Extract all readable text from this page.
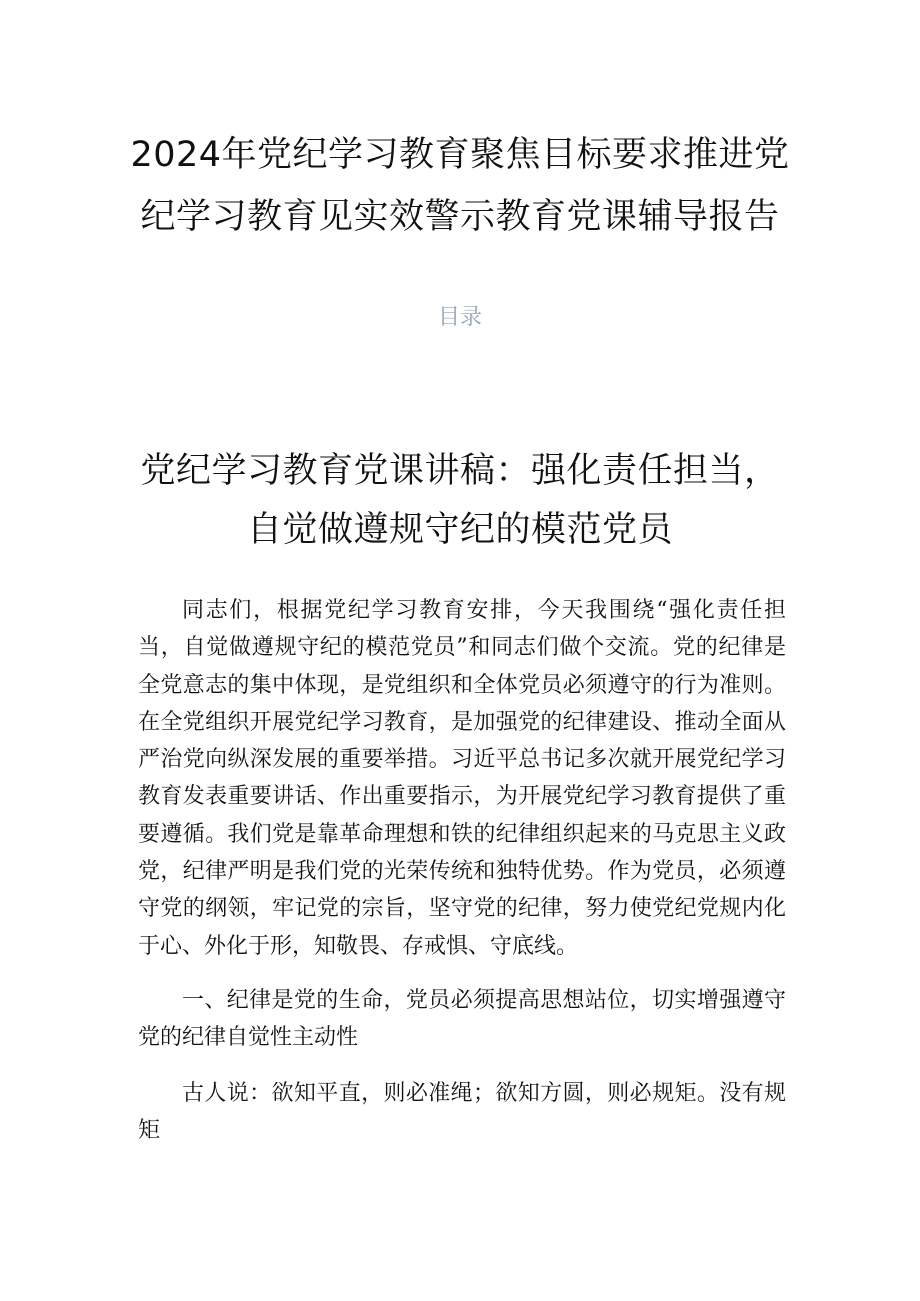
2024年党纪学习教育聚焦目标要求推进党
纪学习教育见实效警示教育党课辅导报告
目录
党纪学习教育党课讲稿：强化责任担当，
自觉做遵规守纪的模范党员

同志们，根据党纪学习教育安排，今天我围绕“强化责任担当，自觉做遵规守纪的模范党员”和同志们做个交流。党的纪律是全党意志的集中体现，是党组织和全体党员必须遵守的行为准则。在全党组织开展党纪学习教育，是加强党的纪律建设、推动全面从严治党向纵深发展的重要举措。习近平总书记多次就开展党纪学习教育发表重要讲话、作出重要指示，为开展党纪学习教育提供了重要遵循。我们党是靠革命理想和铁的纪律组织起来的马克思主义政党，纪律严明是我们党的光荣传统和独特优势。作为党员，必须遵守党的纲领，牢记党的宗旨，坚守党的纪律，努力使党纪党规内化于心、外化于形，知敬畏、存戒惧、守底线。

一、纪律是党的生命，党员必须提高思想站位，切实增强遵守党的纪律自觉性主动性

古人说：欲知平直，则必准绳；欲知方圆，则必规矩。没有规矩
